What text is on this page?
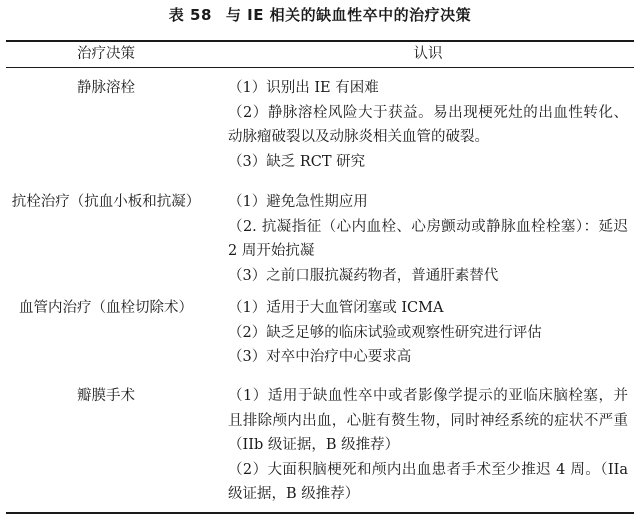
表 58 与 IE 相关的缺血性卒中的治疗决策
治疗决策	认识
静脉溶栓	（1）识别出 IE 有困难

（2）静脉溶栓风险大于获益。易出现梗死灶的出血性转化、动脉瘤破裂以及动脉炎相关血管的破裂。

（3）缺乏 RCT 研究

抗栓治疗（抗血小板和抗凝）	（1）避免急性期应用

（2. 抗凝指征（心内血栓、心房颤动或静脉血栓栓塞）：延迟 2 周开始抗凝

（3）之前口服抗凝药物者，普通肝素替代

血管内治疗（血栓切除术）	（1）适用于大血管闭塞或 ICMA

（2）缺乏足够的临床试验或观察性研究进行评估

（3）对卒中治疗中心要求高

瓣膜手术	（1）适用于缺血性卒中或者影像学提示的亚临床脑栓塞，并且排除颅内出血，心脏有赘生物，同时神经系统的症状不严重（IIb 级证据，B 级推荐）

（2）大面积脑梗死和颅内出血患者手术至少推迟 4 周。（IIa 级证据，B 级推荐）
